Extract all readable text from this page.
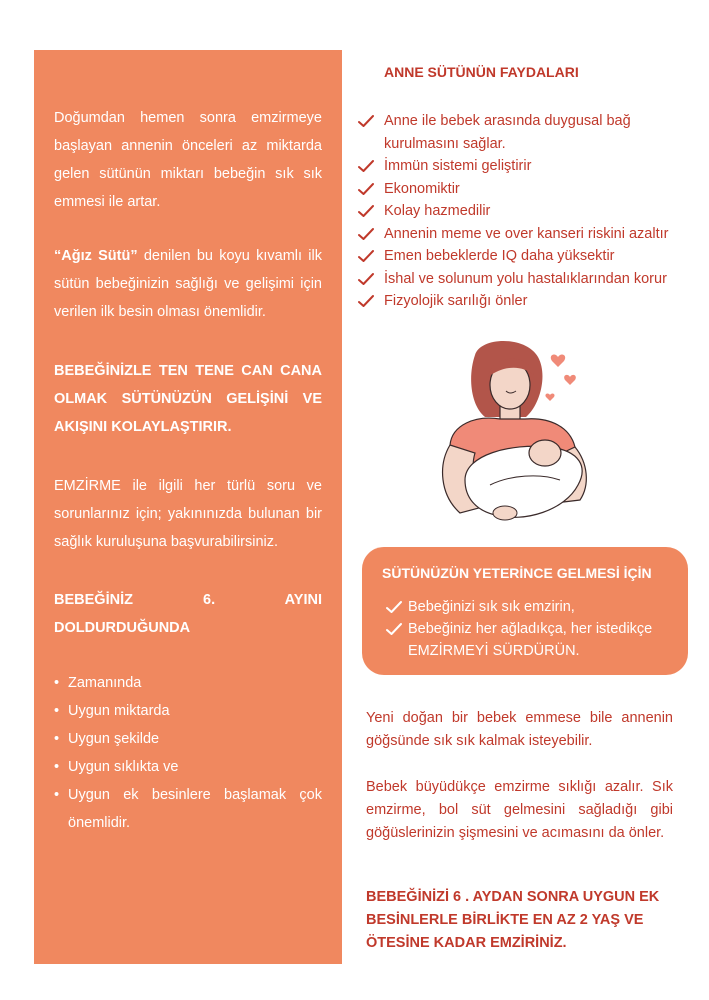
Doğumdan hemen sonra emzirmeye başlayan annenin önceleri az miktarda gelen sütünün miktarı bebeğin sık sık emmesi ile artar.

“Ağız Sütü” denilen bu koyu kıvamlı ilk sütün bebeğinizin sağlığı ve gelişimi için verilen ilk besin olması önemlidir.

BEBEĞİNİZLE TEN TENE CAN CANA OLMAK SÜTÜNÜZÜN GELİŞİNİ VE AKIŞINI KOLAYLAŞTIRIR.

EMZİRME ile ilgili her türlü soru ve sorunlarınız için; yakınınızda bulunan bir sağlık kuruluşuna başvurabilirsiniz.

BEBEĞİNİZ 6. AYINI DOLDURDUĞUNDA

• Zamanında
• Uygun miktarda
• Uygun şekilde
• Uygun sıklıkta ve
• Uygun ek besinlere başlamak çok önemlidir.
ANNE SÜTÜNÜN FAYDALARI
Anne ile bebek arasında duygusal bağ kurulmasını sağlar.
İmmün sistemi geliştirir
Ekonomiktir
Kolay hazmedilir
Annenin meme ve over kanseri riskini azaltır
Emen bebeklerde IQ daha yüksektir
İshal ve solunum yolu hastalıklarından korur
Fizyolojik sarılığı önler
SÜTÜNÜZÜN YETERİNCE GELMESİ İÇİN
Bebeğinizi sık sık emzirin,
Bebeğiniz her ağladıkça, her istedikçe EMZİRMEYİ SÜRDÜRÜN.

Yeni doğan bir bebek emmese bile annenin göğsünde sık sık kalmak isteyebilir.

Bebek büyüdükçe emzirme sıklığı azalır. Sık emzirme, bol süt gelmesini sağladığı gibi göğüslerinizin şişmesini ve acımasını da önler.

BEBEĞİNİZİ 6 . AYDAN SONRA UYGUN EK BESİNLERLE BİRLİKTE EN AZ 2 YAŞ VE ÖTESİNE KADAR EMZİRİNİZ.
